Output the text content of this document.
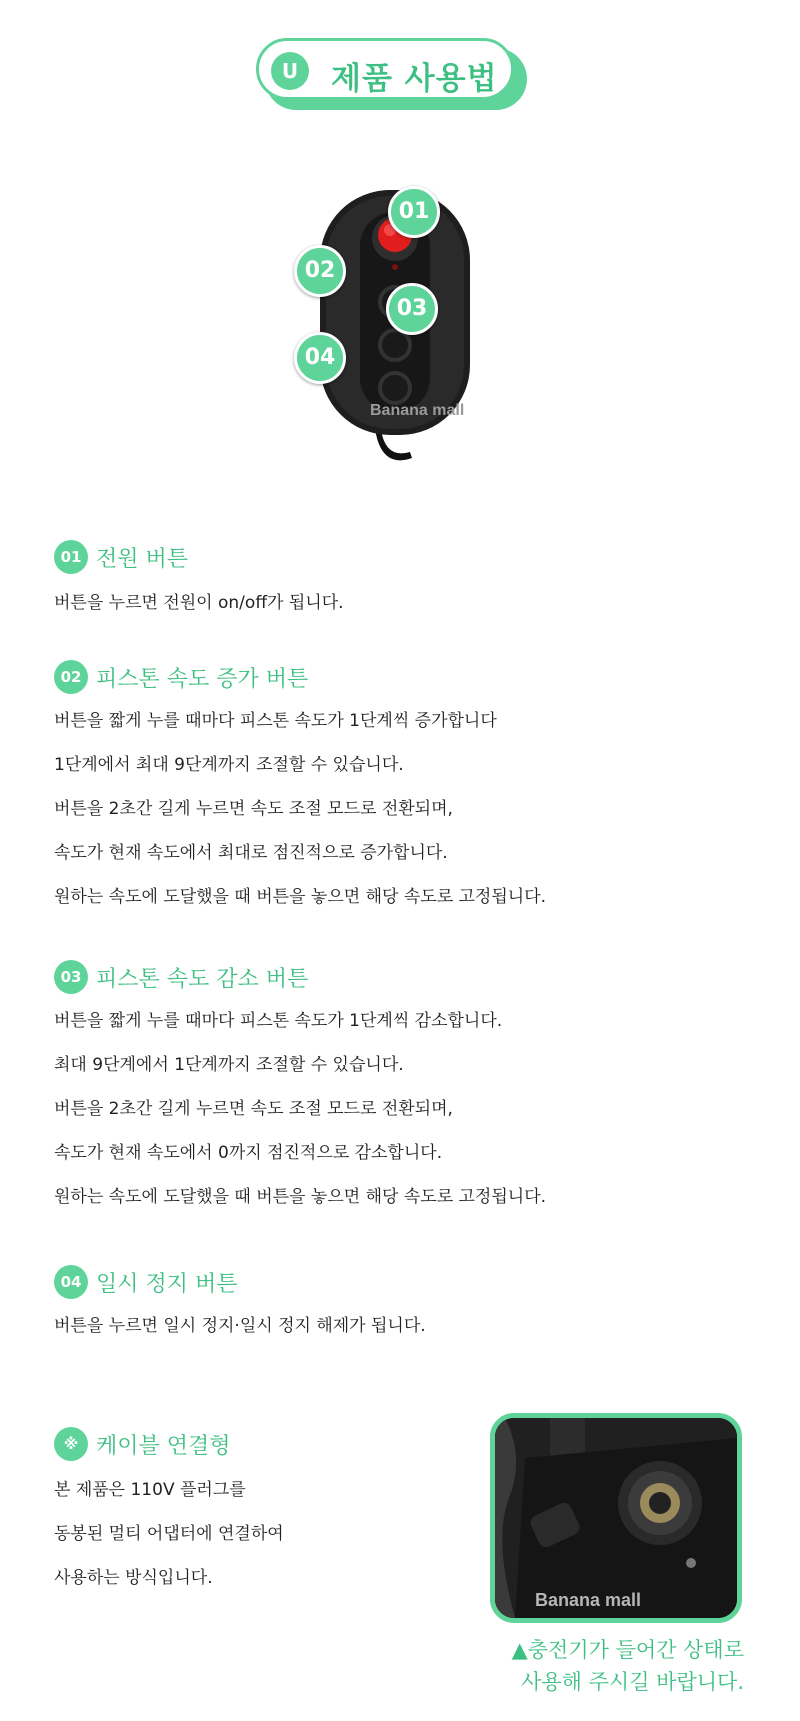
U	제품 사용법
Banana mall
01
02
03
04
01 전원 버튼
버튼을 누르면 전원이 on/off가 됩니다.
02 피스톤 속도 증가 버튼
버튼을 짧게 누를 때마다 피스톤 속도가 1단계씩 증가합니다
1단계에서 최대 9단계까지 조절할 수 있습니다.
버튼을 2초간 길게 누르면 속도 조절 모드로 전환되며,
속도가 현재 속도에서 최대로 점진적으로 증가합니다.
원하는 속도에 도달했을 때 버튼을 놓으면 해당 속도로 고정됩니다.
03 피스톤 속도 감소 버튼
버튼을 짧게 누를 때마다 피스톤 속도가 1단계씩 감소합니다.
최대 9단계에서 1단계까지 조절할 수 있습니다.
버튼을 2초간 길게 누르면 속도 조절 모드로 전환되며,
속도가 현재 속도에서 0까지 점진적으로 감소합니다.
원하는 속도에 도달했을 때 버튼을 놓으면 해당 속도로 고정됩니다.
04 일시 정지 버튼
버튼을 누르면 일시 정지·일시 정지 해제가 됩니다.
※ 케이블 연결형
본 제품은 110V 플러그를
동봉된 멀티 어댑터에 연결하여
사용하는 방식입니다.
Banana mall
▲충전기가 들어간 상태로
사용해 주시길 바랍니다.
